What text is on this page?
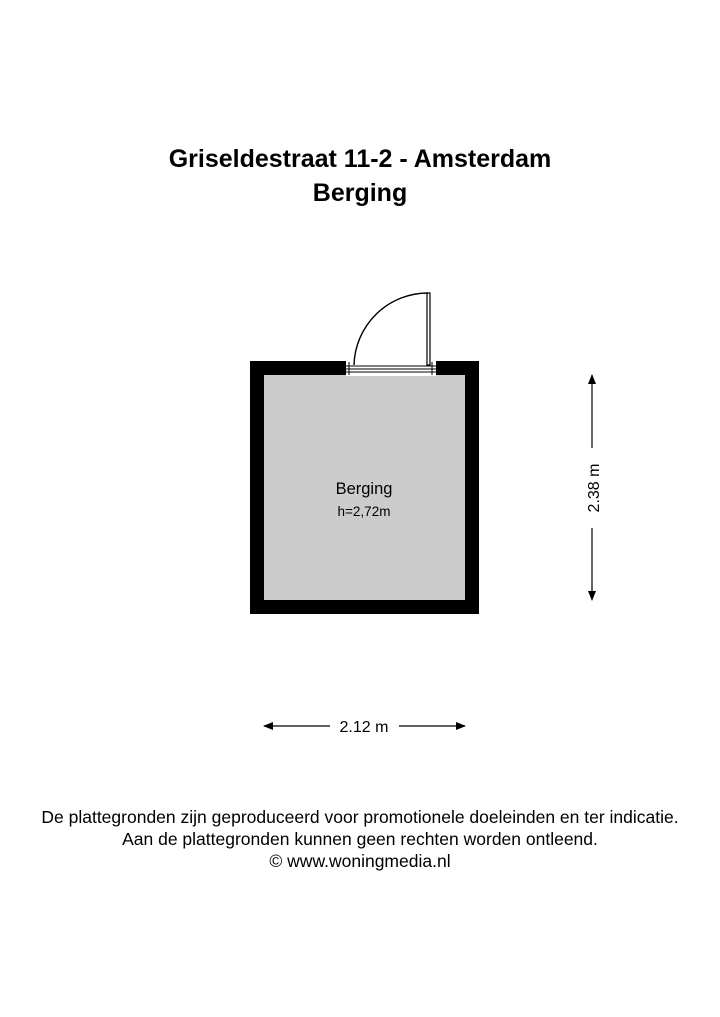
Griseldestraat 11-2 - Amsterdam
Berging
Berging
h=2,72m	2.38 m
2.12 m
De plattegronden zijn geproduceerd voor promotionele doeleinden en ter indicatie.
Aan de plattegronden kunnen geen rechten worden ontleend.
© www.woningmedia.nl
